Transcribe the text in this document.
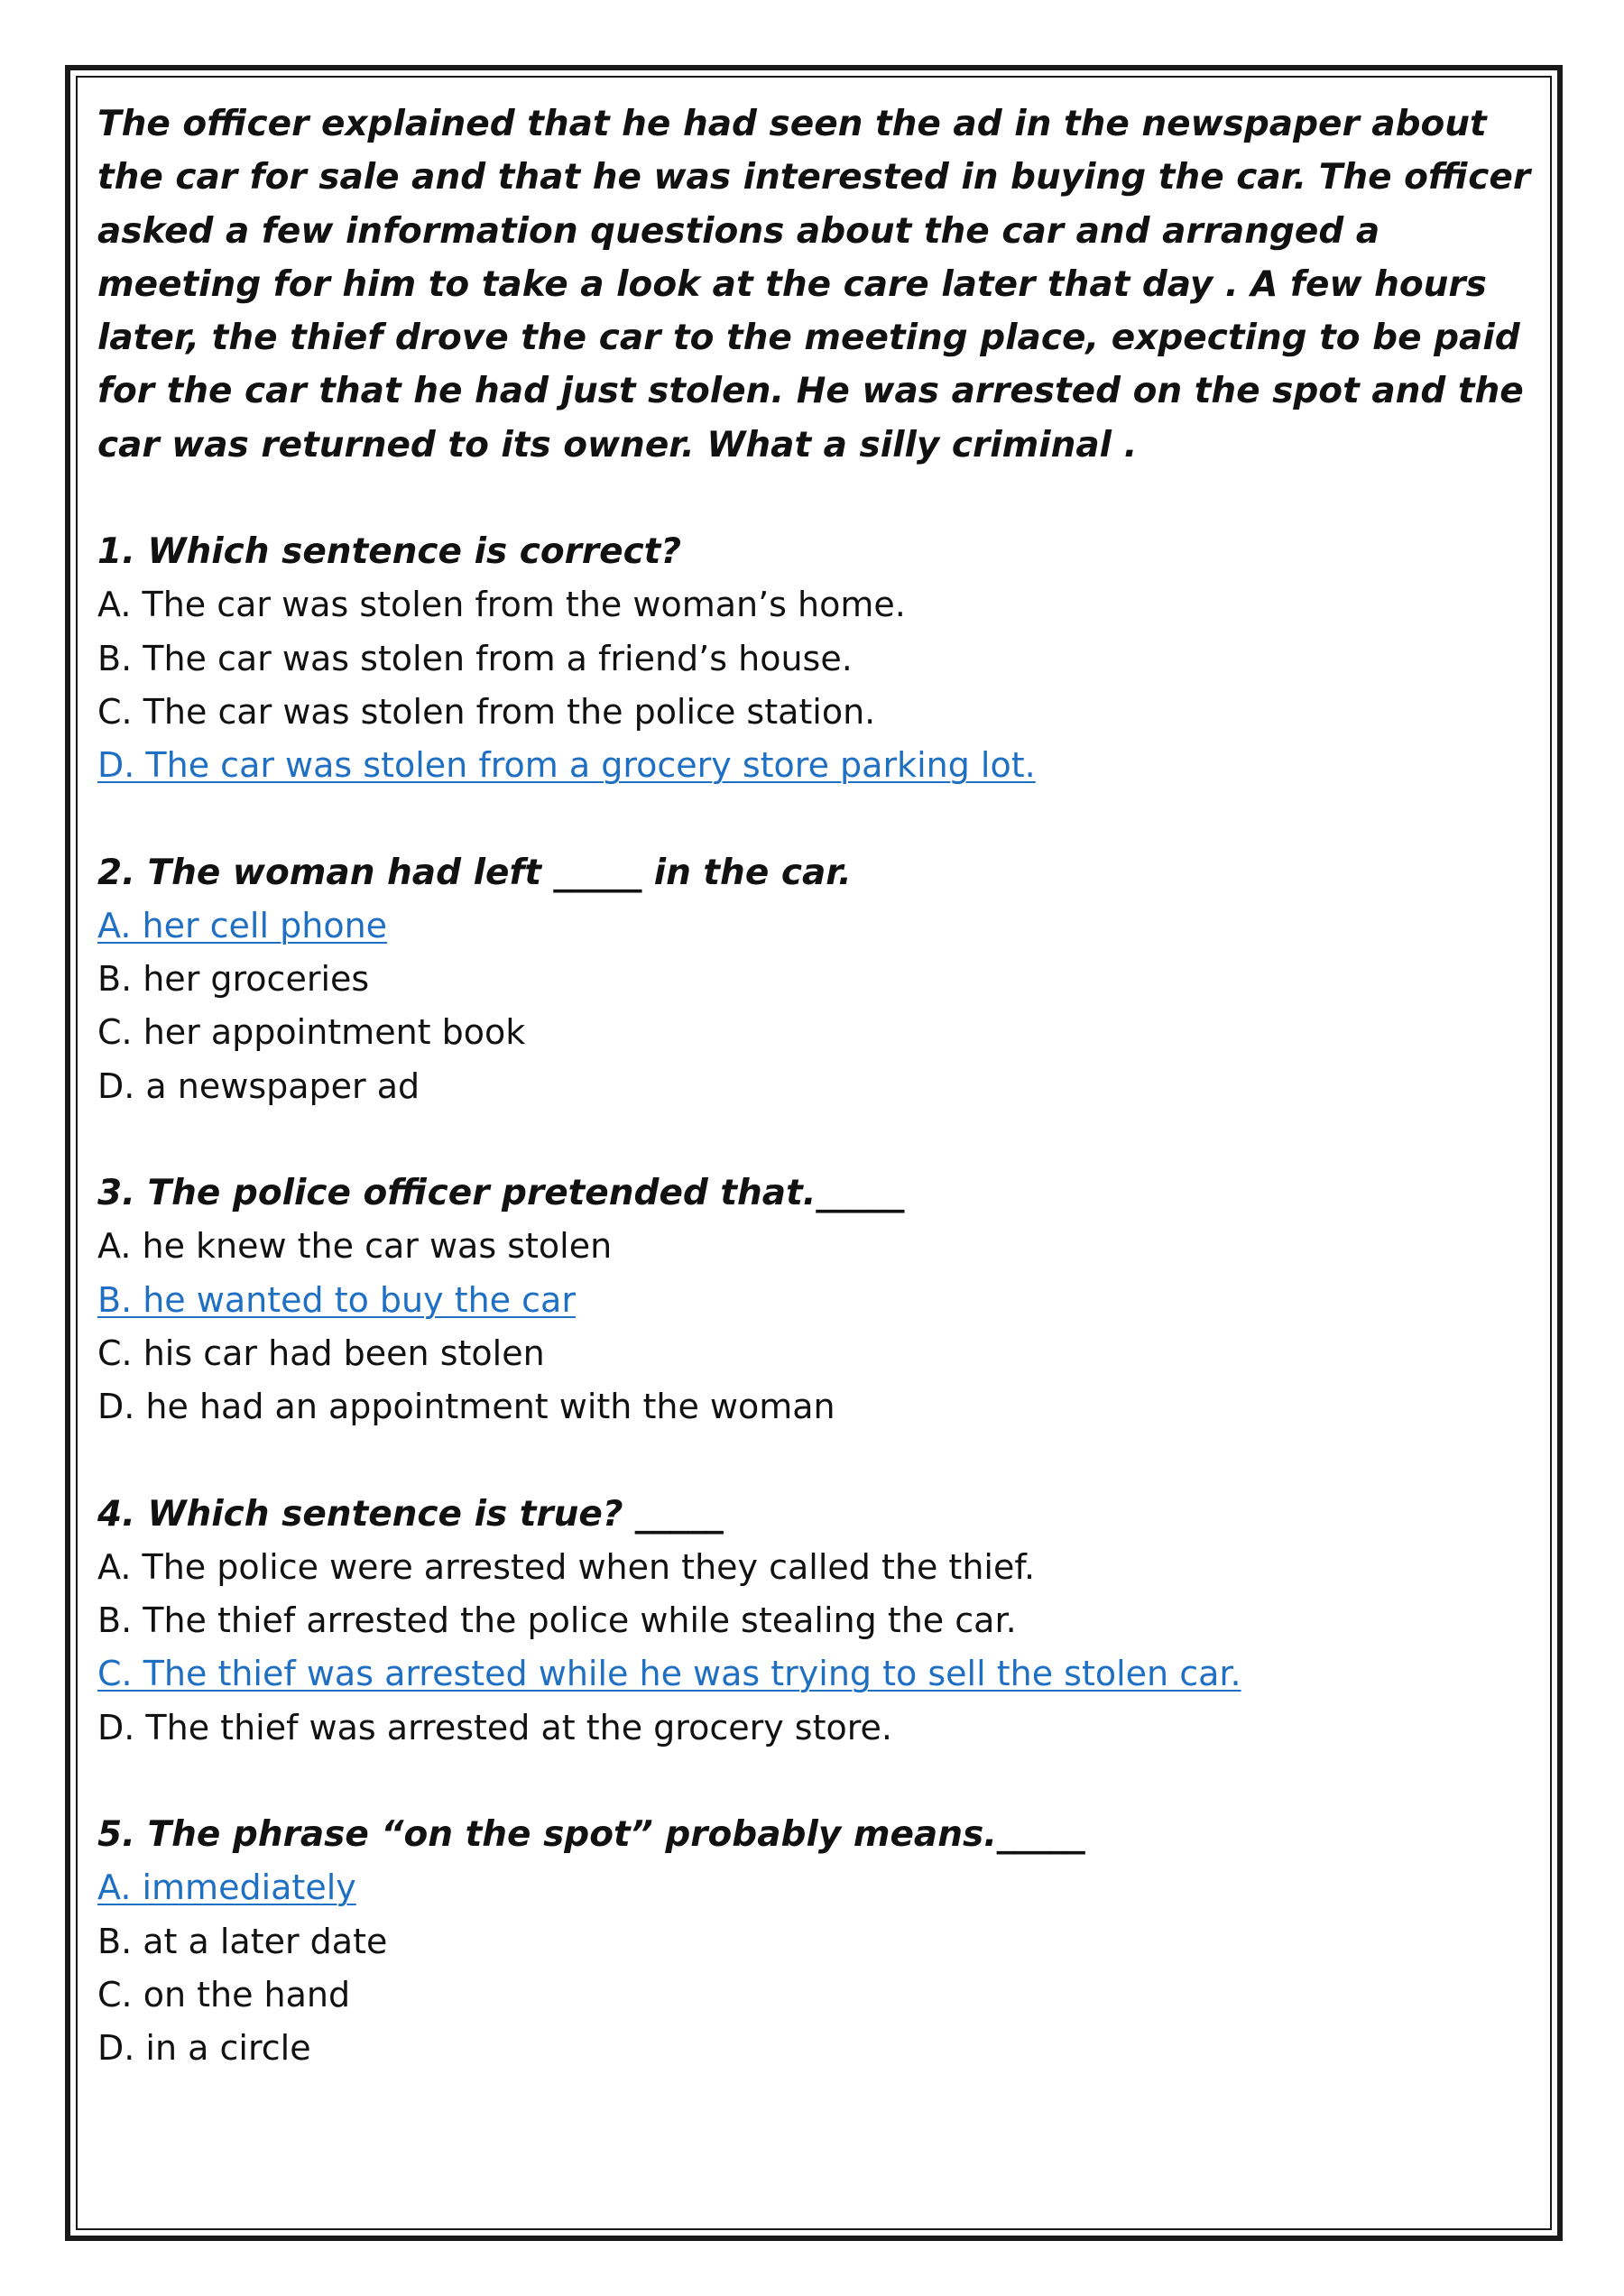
The officer explained that he had seen the ad in the newspaper about the car for sale and that he was interested in buying the car. The officer asked a few information questions about the car and arranged a meeting for him to take a look at the care later that day . A few hours later, the thief drove the car to the meeting place, expecting to be paid for the car that he had just stolen. He was arrested on the spot and the car was returned to its owner. What a silly criminal .

1. Which sentence is correct?

A. The car was stolen from the woman’s home.
B. The car was stolen from a friend’s house.
C. The car was stolen from the police station.
D. The car was stolen from a grocery store parking lot.

2. The woman had left _____ in the car.

A. her cell phone
B. her groceries
C. her appointment book
D. a newspaper ad

3. The police officer pretended that._____

A. he knew the car was stolen
B. he wanted to buy the car
C. his car had been stolen
D. he had an appointment with the woman

4. Which sentence is true? _____

A. The police were arrested when they called the thief.
B. The thief arrested the police while stealing the car.
C. The thief was arrested while he was trying to sell the stolen car.
D. The thief was arrested at the grocery store.

5. The phrase “on the spot” probably means._____

A. immediately
B. at a later date
C. on the hand
D. in a circle
